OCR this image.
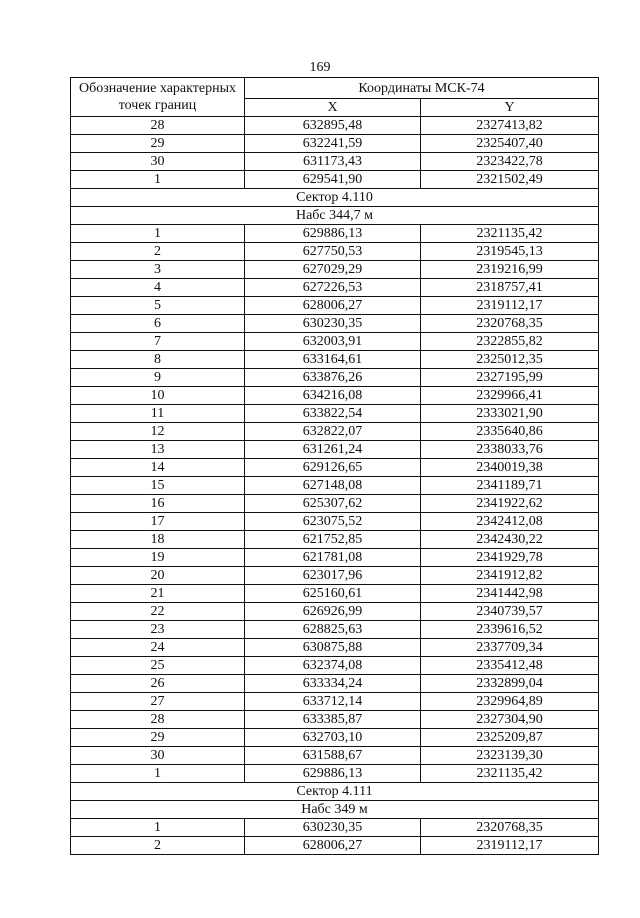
169
Обозначение характерных точек границ	Координаты МСК-74	
	X	Y
28	632895,48	2327413,82
29	632241,59	2325407,40
30	631173,43	2323422,78
1	629541,90	2321502,49
Сектор 4.110		
Набс 344,7 м		
1	629886,13	2321135,42
2	627750,53	2319545,13
3	627029,29	2319216,99
4	627226,53	2318757,41
5	628006,27	2319112,17
6	630230,35	2320768,35
7	632003,91	2322855,82
8	633164,61	2325012,35
9	633876,26	2327195,99
10	634216,08	2329966,41
11	633822,54	2333021,90
12	632822,07	2335640,86
13	631261,24	2338033,76
14	629126,65	2340019,38
15	627148,08	2341189,71
16	625307,62	2341922,62
17	623075,52	2342412,08
18	621752,85	2342430,22
19	621781,08	2341929,78
20	623017,96	2341912,82
21	625160,61	2341442,98
22	626926,99	2340739,57
23	628825,63	2339616,52
24	630875,88	2337709,34
25	632374,08	2335412,48
26	633334,24	2332899,04
27	633712,14	2329964,89
28	633385,87	2327304,90
29	632703,10	2325209,87
30	631588,67	2323139,30
1	629886,13	2321135,42
Сектор 4.111		
Набс 349 м		
1	630230,35	2320768,35
2	628006,27	2319112,17
